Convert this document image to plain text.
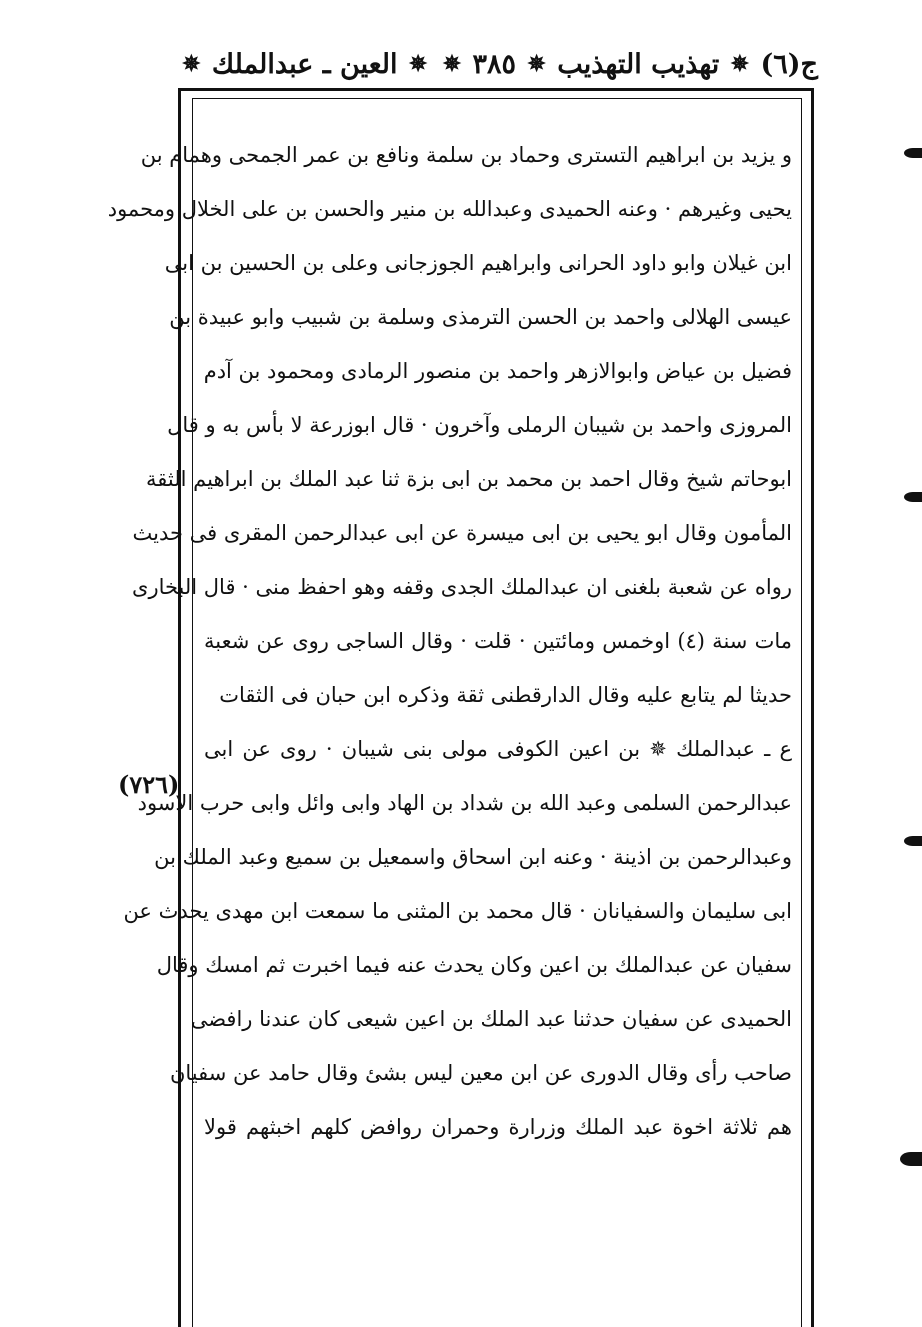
ج(٦)
✵
تهذيب التهذيب
✵
٣٨٥
✵
✵
العين ـ عبدالملك
✵
(٧٢٦)
و يزيد بن ابراهيم التسترى وحماد بن سلمة ونافع بن عمر الجمحى وهمام بن
يحيى وغيرهم · وعنه الحميدى وعبدالله بن منير والحسن بن على الخلال ومحمود
ابن غيلان وابو داود الحرانى وابراهيم الجوزجانى وعلى بن الحسين بن ابى
عيسى الهلالى واحمد بن الحسن الترمذى وسلمة بن شبيب وابو عبيدة بن
فضيل بن عياض وابوالازهر واحمد بن منصور الرمادى ومحمود بن آدم
المروزى واحمد بن شيبان الرملى وآخرون · قال ابوزرعة لا بأس به و قال
ابوحاتم شيخ وقال احمد بن محمد بن ابى بزة ثنا عبد الملك بن ابراهيم الثقة
المأمون وقال ابو يحيى بن ابى ميسرة عن ابى عبدالرحمن المقرى فى حديث
رواه عن شعبة بلغنى ان عبدالملك الجدى وقفه وهو احفظ منى · قال البخارى
مات سنة (٤) اوخمس ومائتين · قلت · وقال الساجى روى عن شعبة
حديثا لم يتابع عليه وقال الدارقطنى ثقة وذكره ابن حبان فى الثقات
ع ـ عبدالملك ✵ بن اعين الكوفى مولى بنى شيبان · روى عن ابى
عبدالرحمن السلمى وعبد الله بن شداد بن الهاد وابى وائل وابى حرب الاسود
وعبدالرحمن بن اذينة · وعنه ابن اسحاق واسمعيل بن سميع وعبد الملك بن
ابى سليمان والسفيانان · قال محمد بن المثنى ما سمعت ابن مهدى يحدث عن
سفيان عن عبدالملك بن اعين وكان يحدث عنه فيما اخبرت ثم امسك وقال
الحميدى عن سفيان حدثنا عبد الملك بن اعين شيعى كان عندنا رافضى
صاحب رأى وقال الدورى عن ابن معين ليس بشئ وقال حامد عن سفيان
هم ثلاثة اخوة عبد الملك وزرارة وحمران روافض كلهم اخبثهم قولا
